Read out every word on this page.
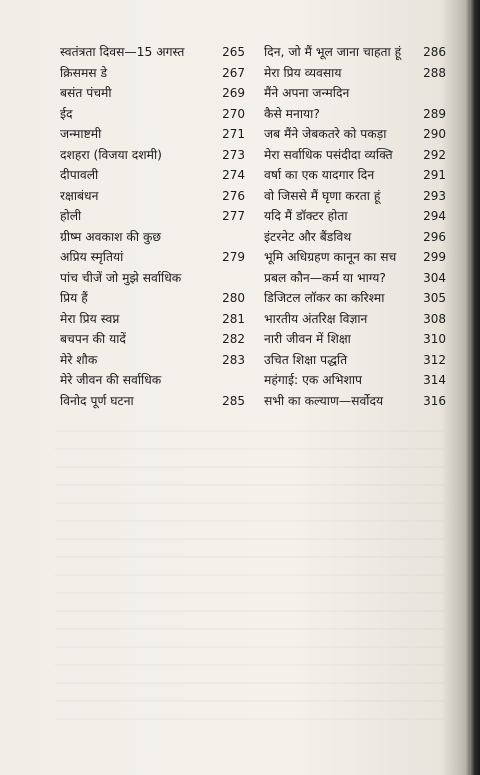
स्वतंत्रता दिवस—15 अगस्त	265
क्रिसमस डे	267
बसंत पंचमी	269
ईद	270
जन्माष्टमी	271
दशहरा (विजया दशमी)	273
दीपावली	274
रक्षाबंधन	276
होली	277
ग्रीष्म अवकाश की कुछ
अप्रिय स्मृतियां	279
पांच चीजें जो मुझे सर्वाधिक
प्रिय हैं	280
मेरा प्रिय स्वप्न	281
बचपन की यादें	282
मेरे शौक	283
मेरे जीवन की सर्वाधिक
विनोद पूर्ण घटना	285
दिन, जो मैं भूल जाना चाहता हूं	286
मेरा प्रिय व्यवसाय	288
मैंने अपना जन्मदिन
कैसे मनाया?	289
जब मैंने जेबकतरे को पकड़ा	290
मेरा सर्वाधिक पसंदीदा व्यक्ति	292
वर्षा का एक यादगार दिन	291
वो जिससे मैं घृणा करता हूं	293
यदि मैं डॉक्टर होता	294
इंटरनेट और बैंडविथ	296
भूमि अधिग्रहण कानून का सच	299
प्रबल कौन—कर्म या भाग्य?	304
डिजिटल लॉकर का करिश्मा	305
भारतीय अंतरिक्ष विज्ञान	308
नारी जीवन में शिक्षा	310
उचित शिक्षा पद्धति	312
महंगाई: एक अभिशाप	314
सभी का कल्याण—सर्वोदय	316
